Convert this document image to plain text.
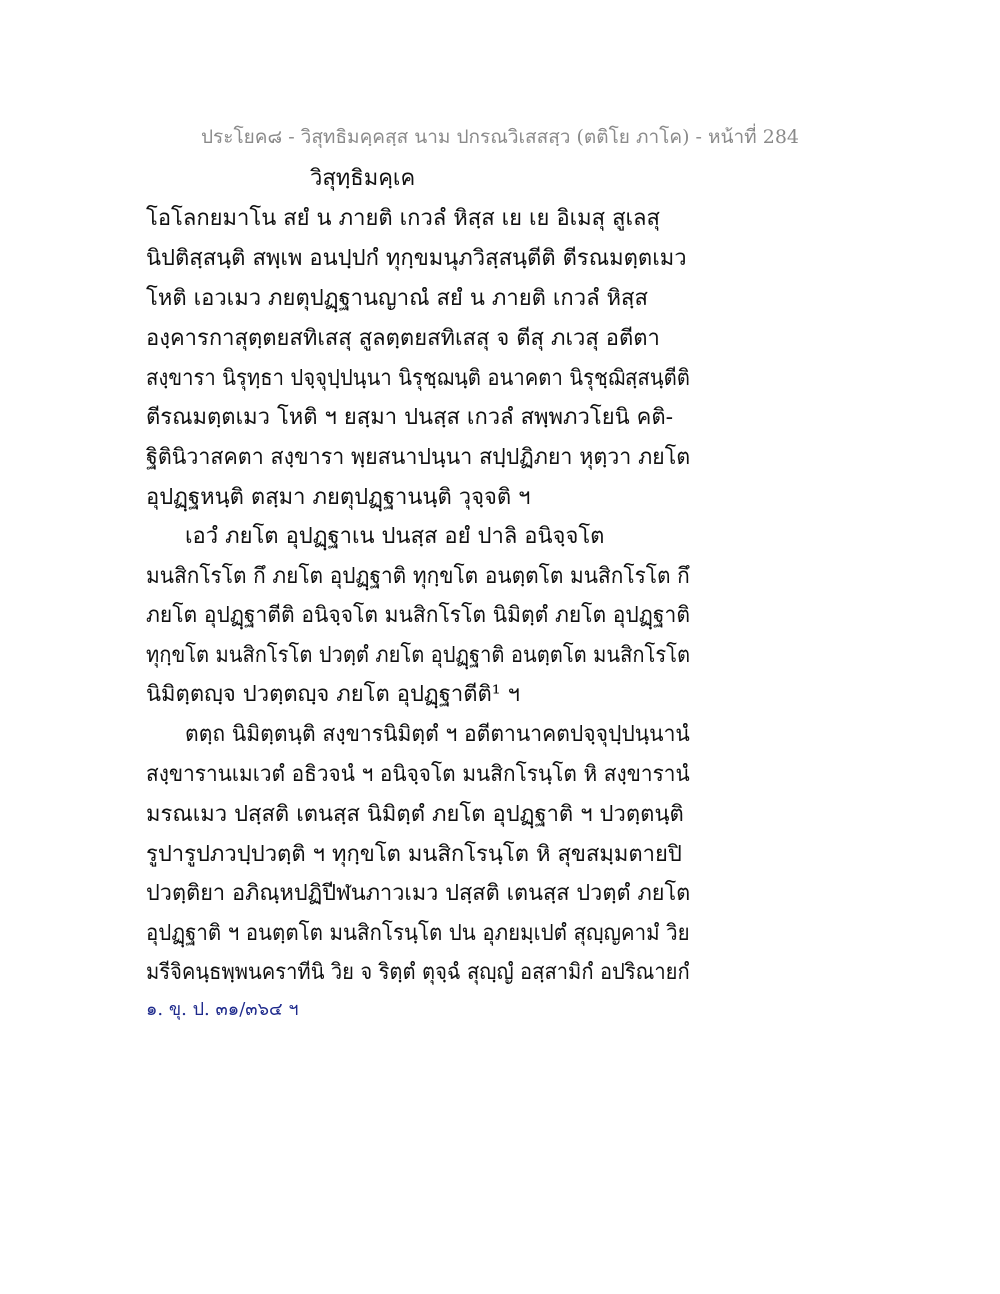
ประโยค๘ - วิสุทธิมคฺคสฺส นาม ปกรณวิเสสสฺว (ตติโย ภาโค) - หน้าที่ 284
วิสุทฺธิมคฺเค
โอโลกยมาโน สยํ น ภายติ เกวลํ หิสฺส เย เย อิเมสุ สูเลสุ
นิปติสฺสนฺติ สพฺเพ อนปฺปกํ ทุกฺขมนุภวิสฺสนฺตีติ ตีรณมตฺตเมว
โหติ เอวเมว ภยตุปฏฺฐานญาณํ สยํ น ภายติ เกวลํ หิสฺส
องฺคารกาสุตฺตยสทิเสสุ สูลตฺตยสทิเสสุ จ ตีสุ ภเวสุ อตีตา
สงฺขารา นิรุทฺธา ปจฺจุปฺปนฺนา นิรุชฺฌนฺติ อนาคตา นิรุชฺฌิสฺสนฺตีติ
ตีรณมตฺตเมว โหติ ฯ ยสฺมา ปนสฺส เกวลํ สพฺพภวโยนิ คติ-
ฐิตินิวาสคตา สงฺขารา พฺยสนาปนฺนา สปฺปฏิภยา หุตฺวา ภยโต
อุปฏฺฐหนฺติ ตสฺมา ภยตุปฏฺฐานนฺติ วุจฺจติ ฯ
เอวํ ภยโต อุปฏฺฐาเน ปนสฺส อยํ ปาลิ อนิจฺจโต
มนสิกโรโต กึ ภยโต อุปฏฺฐาติ ทุกฺขโต อนตฺตโต มนสิกโรโต กึ
ภยโต อุปฏฺฐาตีติ อนิจฺจโต มนสิกโรโต นิมิตฺตํ ภยโต อุปฏฺฐาติ
ทุกฺขโต มนสิกโรโต ปวตฺตํ ภยโต อุปฏฺฐาติ อนตฺตโต มนสิกโรโต
นิมิตฺตญฺจ ปวตฺตญฺจ ภยโต อุปฏฺฐาตีติ¹ ฯ
ตตฺถ นิมิตฺตนฺติ สงฺขารนิมิตฺตํ ฯ อตีตานาคตปจฺจุปฺปนฺนานํ
สงฺขารานเมเวตํ อธิวจนํ ฯ อนิจฺจโต มนสิกโรนฺโต หิ สงฺขารานํ
มรณเมว ปสฺสติ เตนสฺส นิมิตฺตํ ภยโต อุปฏฺฐาติ ฯ ปวตฺตนฺติ
รูปารูปภวปฺปวตฺติ ฯ ทุกฺขโต มนสิกโรนฺโต หิ สุขสมฺมตายปิ
ปวตฺติยา อภิณฺหปฏิปีฬนภาวเมว ปสฺสติ เตนสฺส ปวตฺตํ ภยโต
อุปฏฺฐาติ ฯ อนตฺตโต มนสิกโรนฺโต ปน อุภยมฺเปตํ สุญฺญคามํ วิย
มรีจิคนฺธพฺพนคราทีนิ วิย จ ริตฺตํ ตุจฺฉํ สุญฺญํ อสฺสามิกํ อปริณายกํ
๑. ขุ. ป. ๓๑/๓๖๔ ฯ
